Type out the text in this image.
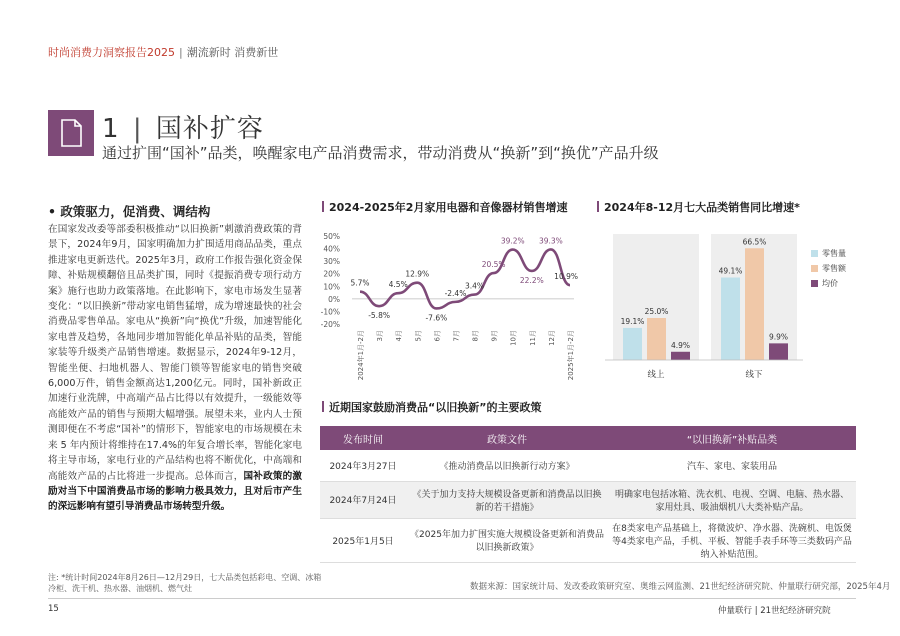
时尚消费力洞察报告2025 | 潮流新时 消费新世
1 | 国补扩容
通过扩围“国补”品类，唤醒家电产品消费需求，带动消费从“换新”到“换优”产品升级
• 政策驱力，促消费、调结构
在国家发改委等部委积极推动“以旧换新”刺激消费政策的背景下，2024年9月，国家明确加力扩围适用商品品类，重点推进家电更新迭代。2025年3月，政府工作报告强化资金保障、补贴规模翻倍且品类扩围，同时《提振消费专项行动方案》施行也助力政策落地。在此影响下，家电市场发生显著变化：“以旧换新”带动家电销售猛增，成为增速最快的社会消费品零售单品。家电从“换新”向“换优”升级，加速智能化家电普及趋势，各地同步增加智能化单品补贴的品类，智能家装等升级类产品销售增速。数据显示，2024年9-12月，智能坐便、扫地机器人、智能门锁等智能家电的销售突破6,000万件，销售金额高达1,200亿元。同时，国补新政正加速行业洗牌，中高端产品占比得以有效提升，一级能效等高能效产品的销售与预期大幅增强。展望未来，业内人士预测即便在不考虑“国补”的情形下，智能家电的市场规模在未来 5 年内预计将维持在17.4%的年复合增长率，智能化家电将主导市场，家电行业的产品结构也将不断优化，中高端和高能效产品的占比将进一步提高。总体而言，国补政策的激励对当下中国消费品市场的影响力极具效力，且对后市产生的深远影响有望引导消费品市场转型升级。
2024-2025年2月家用电器和音像器材销售增速
50%
40%
30%
20%
10%
0%
-10%
-20%
5.7%
-5.8%
4.5%
12.9%
-7.6%
-2.4%
3.4%
20.5%
39.2%
22.2%
39.3%
10.9%
2024年1月-2月 3月 4月 5月 6月 7月 8月 9月 10月 11月 12月 2025年1月-2月
2024年8-12月七大品类销售同比增速*
线上
19.1%
25.0%
4.9%
线下
49.1%
66.5%
9.9%
零售量
零售额
均价
近期国家鼓励消费品“以旧换新”的主要政策
发布时间	政策文件	“以旧换新”补贴品类
2024年3月27日	《推动消费品以旧换新行动方案》	汽车、家电、家装用品
2024年7月24日	《关于加力支持大规模设备更新和消费品以旧换新的若干措施》	明确家电包括冰箱、洗衣机、电视、空调、电脑、热水器、家用灶具、吸油烟机八大类补贴产品。
2025年1月5日	《2025年加力扩围实施大规模设备更新和消费品以旧换新政策》	在8类家电产品基础上，将微波炉、净水器、洗碗机、电饭煲等4类家电产品，手机、平板、智能手表手环等三类数码产品纳入补贴范围。
注: *统计时间2024年8月26日—12月29日，七大品类包括彩电、空调、冰箱冷柜、洗干机、热水器、油烟机、燃气灶	数据来源：国家统计局、发改委政策研究室、奥维云网监测、21世纪经济研究院、仲量联行研究部，2025年4月
15	仲量联行 | 21世纪经济研究院
